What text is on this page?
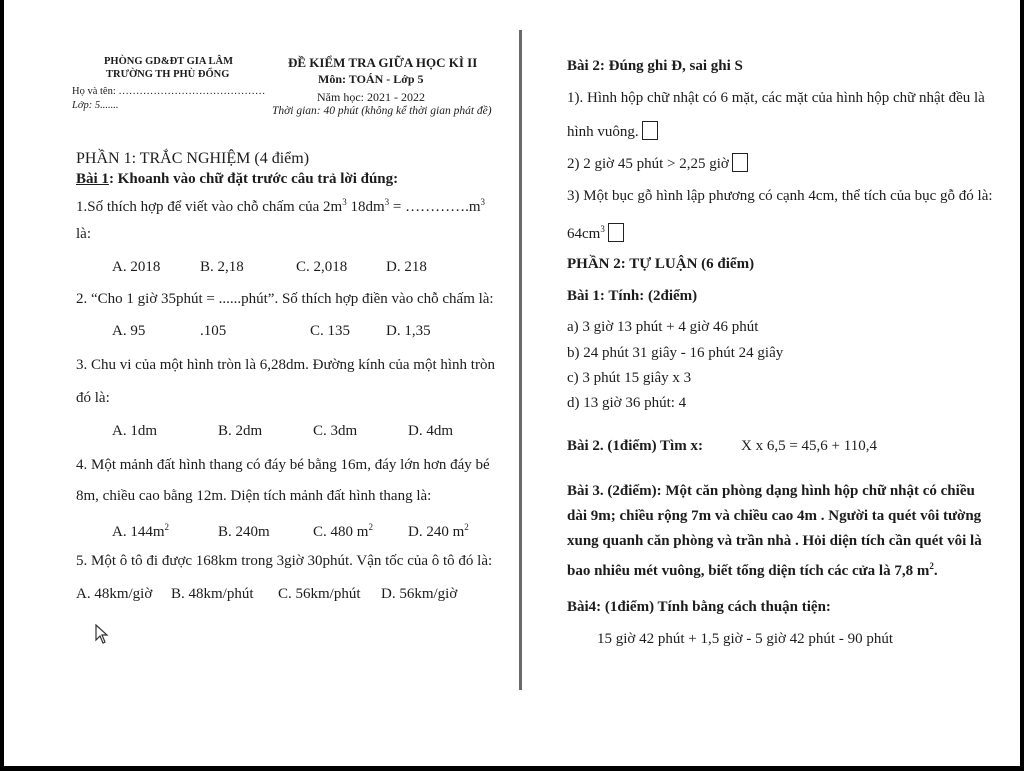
PHÒNG GD&ĐT GIA LÂM
TRƯỜNG TH PHÙ ĐỔNG
Họ và tên: ……………………………………
Lớp: 5.......
ĐỀ KIỂM TRA GIỮA HỌC KÌ II
Môn: TOÁN - Lớp 5
Năm học: 2021 - 2022
Thời gian: 40 phút (không kể thời gian phát đề)
PHẦN 1: TRẮC NGHIỆM (4 điểm)
Bài 1: Khoanh vào chữ đặt trước câu trả lời đúng:
1.Số thích hợp để viết vào chỗ chấm của $2m^3$ $18dm^3$ = $\dots\dots\dots\dots.m^3$
là:
A. 2018	B. 2,18	C. 2,018	D. 218
2. “Cho 1 giờ 35phút = ......phút”. Số thích hợp điền vào chỗ chấm là:
A. 95	.105	C. 135 D. 1,35
3. Chu vi của một hình tròn là 6,28dm. Đường kính của một hình tròn
đó là:
A. 1dm	B. 2dm	C. 3dm	D. 4dm
4. Một mảnh đất hình thang có đáy bé bằng 16m, đáy lớn hơn đáy bé
8m, chiều cao bằng 12m. Diện tích mảnh đất hình thang là:
A. $144m^2$	B. 240m	C. 480 $m^2$ D. 240 $m^2$
5. Một ô tô đi được 168km trong 3giờ 30phút. Vận tốc của ô tô đó là:
A. 48km/giờ B. 48km/phút C. 56km/phút D. 56km/giờ
Bài 2: Đúng ghi Đ, sai ghi S
1). Hình hộp chữ nhật có 6 mặt, các mặt của hình hộp chữ nhật đều là
hình vuông.
2) 2 giờ 45 phút > 2,25 giờ
3) Một bục gỗ hình lập phương có cạnh 4cm, thể tích của bục gỗ đó là:
$64cm^3$
PHẦN 2: TỰ LUẬN (6 điểm)
Bài 1: Tính: (2điểm)
a) 3 giờ 13 phút + 4 giờ 46 phút
b) 24 phút 31 giây - 16 phút 24 giây
c) 3 phút 15 giây x 3
d) 13 giờ 36 phút: 4
Bài 2. (1điểm) Tìm x:	X x 6,5 = 45,6 + 110,4
Bài 3. (2điểm): Một căn phòng dạng hình hộp chữ nhật có chiều
dài 9m; chiều rộng 7m và chiều cao 4m . Người ta quét vôi tường
xung quanh căn phòng và trần nhà . Hỏi diện tích cần quét vôi là
bao nhiêu mét vuông, biết tổng diện tích các cửa là 7,8 $m^2$.
Bài4: (1điểm) Tính bằng cách thuận tiện:
15 giờ 42 phút + 1,5 giờ - 5 giờ 42 phút - 90 phút
